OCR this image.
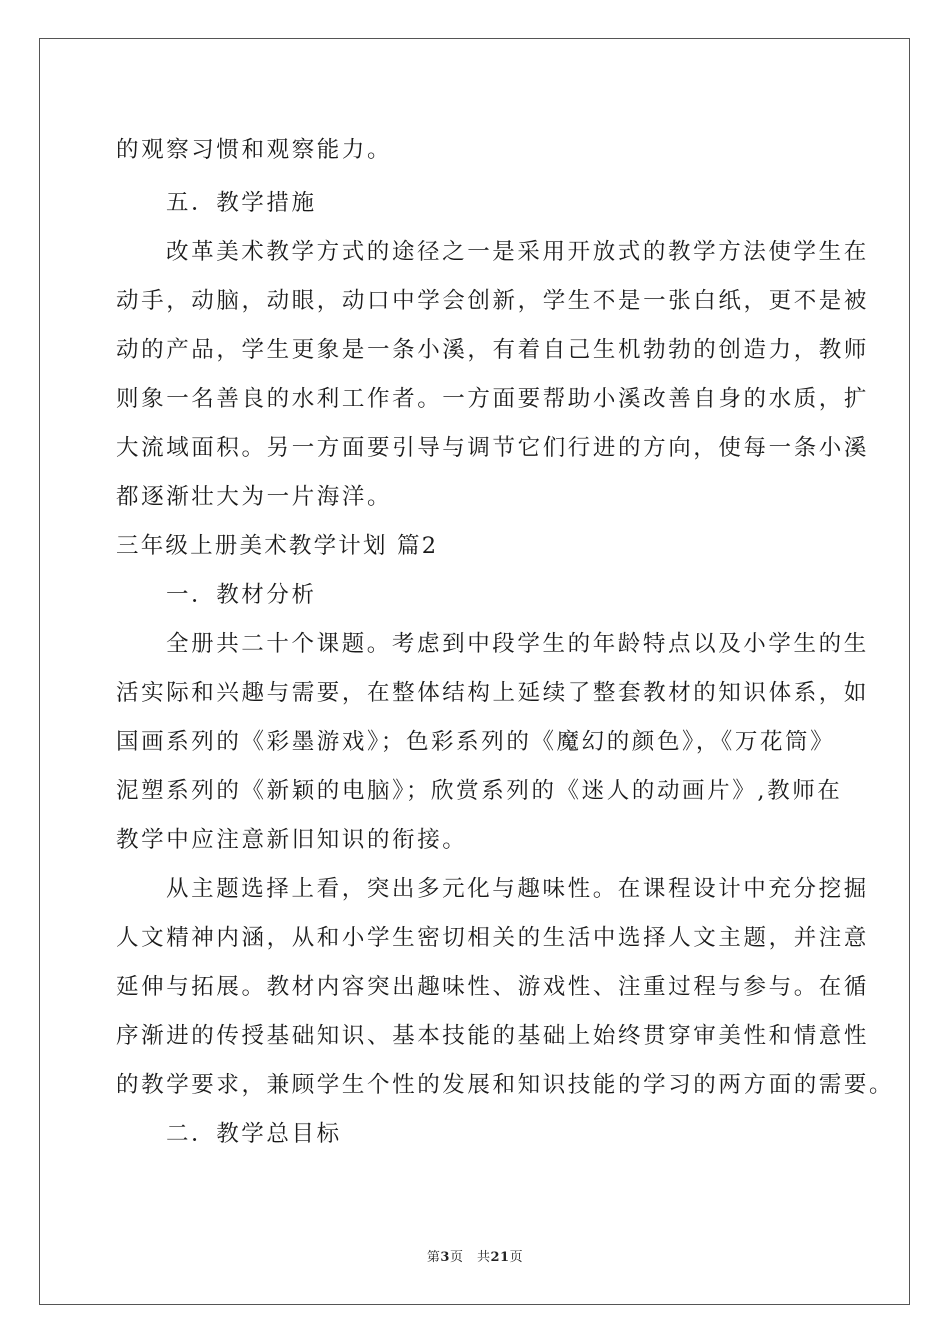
的观察习惯和观察能力。
五．教学措施
改革美术教学方式的途径之一是采用开放式的教学方法使学生在
动手，动脑，动眼，动口中学会创新，学生不是一张白纸，更不是被
动的产品，学生更象是一条小溪，有着自己生机勃勃的创造力，教师
则象一名善良的水利工作者。一方面要帮助小溪改善自身的水质，扩
大流域面积。另一方面要引导与调节它们行进的方向，使每一条小溪
都逐渐壮大为一片海洋。
三年级上册美术教学计划 篇2
一．教材分析
全册共二十个课题。考虑到中段学生的年龄特点以及小学生的生
活实际和兴趣与需要，在整体结构上延续了整套教材的知识体系，如
国画系列的《彩墨游戏》；色彩系列的《魔幻的颜色》，《万花筒》
泥塑系列的《新颖的电脑》；欣赏系列的《迷人的动画片》,教师在
教学中应注意新旧知识的衔接。
从主题选择上看，突出多元化与趣味性。在课程设计中充分挖掘
人文精神内涵，从和小学生密切相关的生活中选择人文主题，并注意
延伸与拓展。教材内容突出趣味性、游戏性、注重过程与参与。在循
序渐进的传授基础知识、基本技能的基础上始终贯穿审美性和情意性
的教学要求，兼顾学生个性的发展和知识技能的学习的两方面的需要。
二．教学总目标
第3页　共21页
